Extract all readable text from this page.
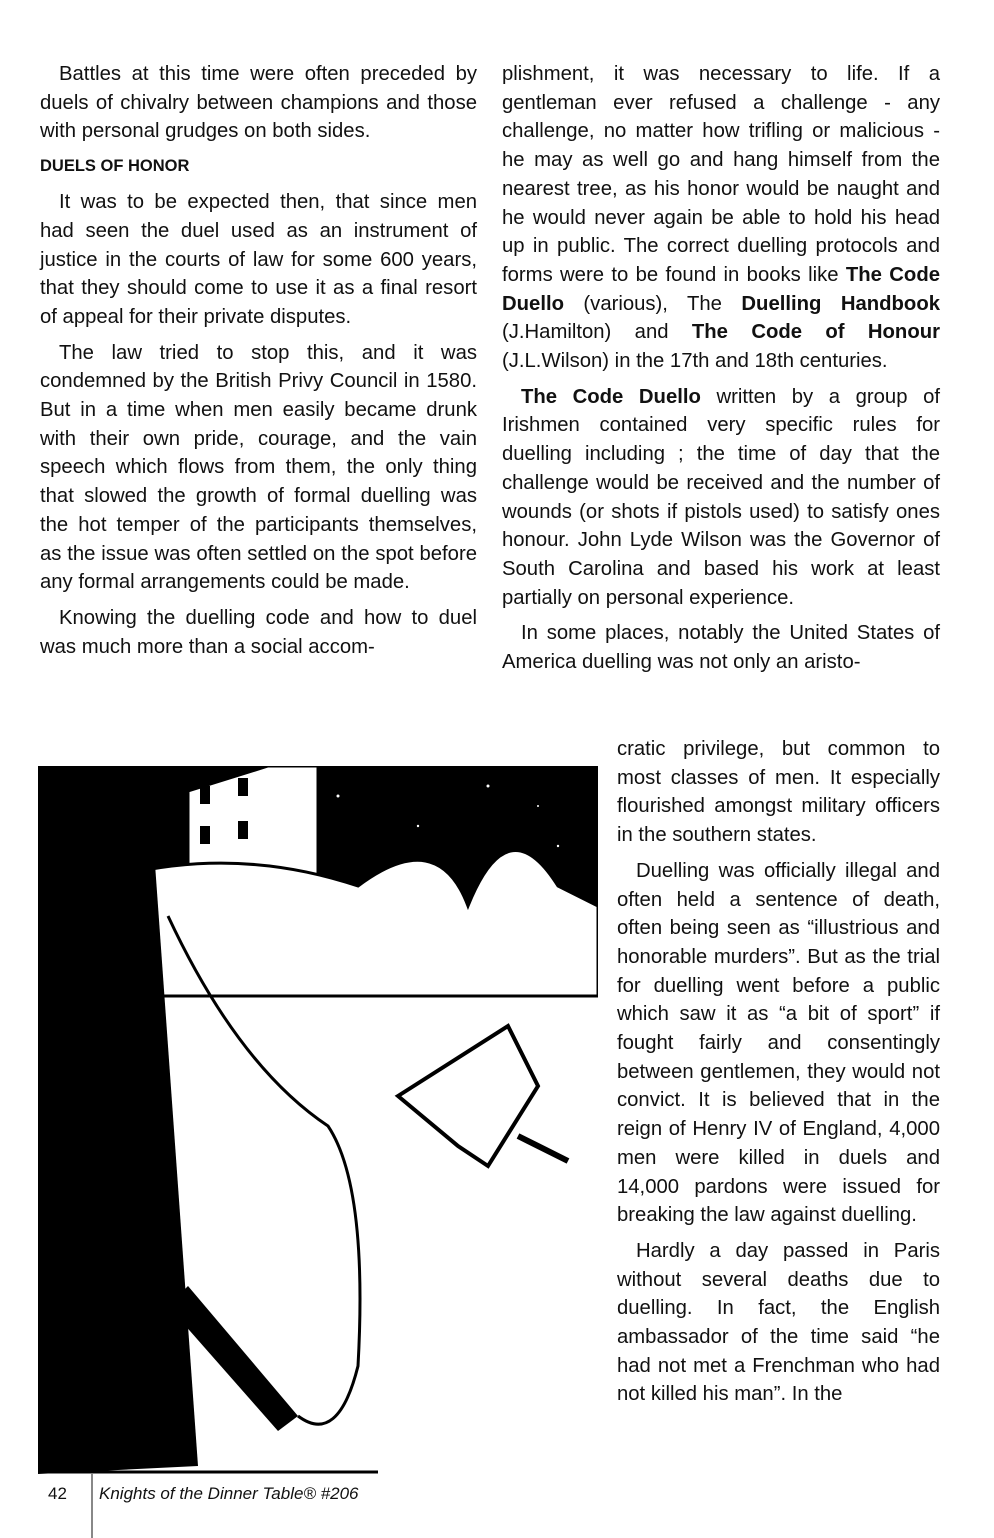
Battles at this time were often preceded by duels of chivalry between champions and those with personal grudges on both sides.

DUELS OF HONOR

It was to be expected then, that since men had seen the duel used as an instrument of justice in the courts of law for some 600 years, that they should come to use it as a final resort of appeal for their private disputes.

The law tried to stop this, and it was condemned by the British Privy Council in 1580. But in a time when men easily became drunk with their own pride, courage, and the vain speech which flows from them, the only thing that slowed the growth of formal duelling was the hot temper of the participants themselves, as the issue was often settled on the spot before any formal arrangements could be made.

Knowing the duelling code and how to duel was much more than a social accom-

plishment, it was necessary to life. If a gentleman ever refused a challenge - any challenge, no matter how trifling or malicious - he may as well go and hang himself from the nearest tree, as his honor would be naught and he would never again be able to hold his head up in public. The correct duelling protocols and forms were to be found in books like The Code Duello (various), The Duelling Handbook (J.Hamilton) and The Code of Honour (J.L.Wilson) in the 17th and 18th centuries.

The Code Duello written by a group of Irishmen contained very specific rules for duelling including ; the time of day that the challenge would be received and the number of wounds (or shots if pistols used) to satisfy ones honour. John Lyde Wilson was the Governor of South Carolina and based his work at least partially on personal experience.

In some places, notably the United States of America duelling was not only an aristo-

cratic privilege, but common to most classes of men. It especially flourished amongst military officers in the southern states.

Duelling was officially illegal and often held a sentence of death, often being seen as “illustrious and honorable murders”. But as the trial for duelling went before a public which saw it as “a bit of sport” if fought fairly and consentingly between gentlemen, they would not convict. It is believed that in the reign of Henry IV of England, 4,000 men were killed in duels and 14,000 pardons were issued for breaking the law against duelling.

Hardly a day passed in Paris without several deaths due to duelling. In fact, the English ambassador of the time said “he had not met a Frenchman who had not killed his man”. In the

42 Knights of the Dinner Table® #206
